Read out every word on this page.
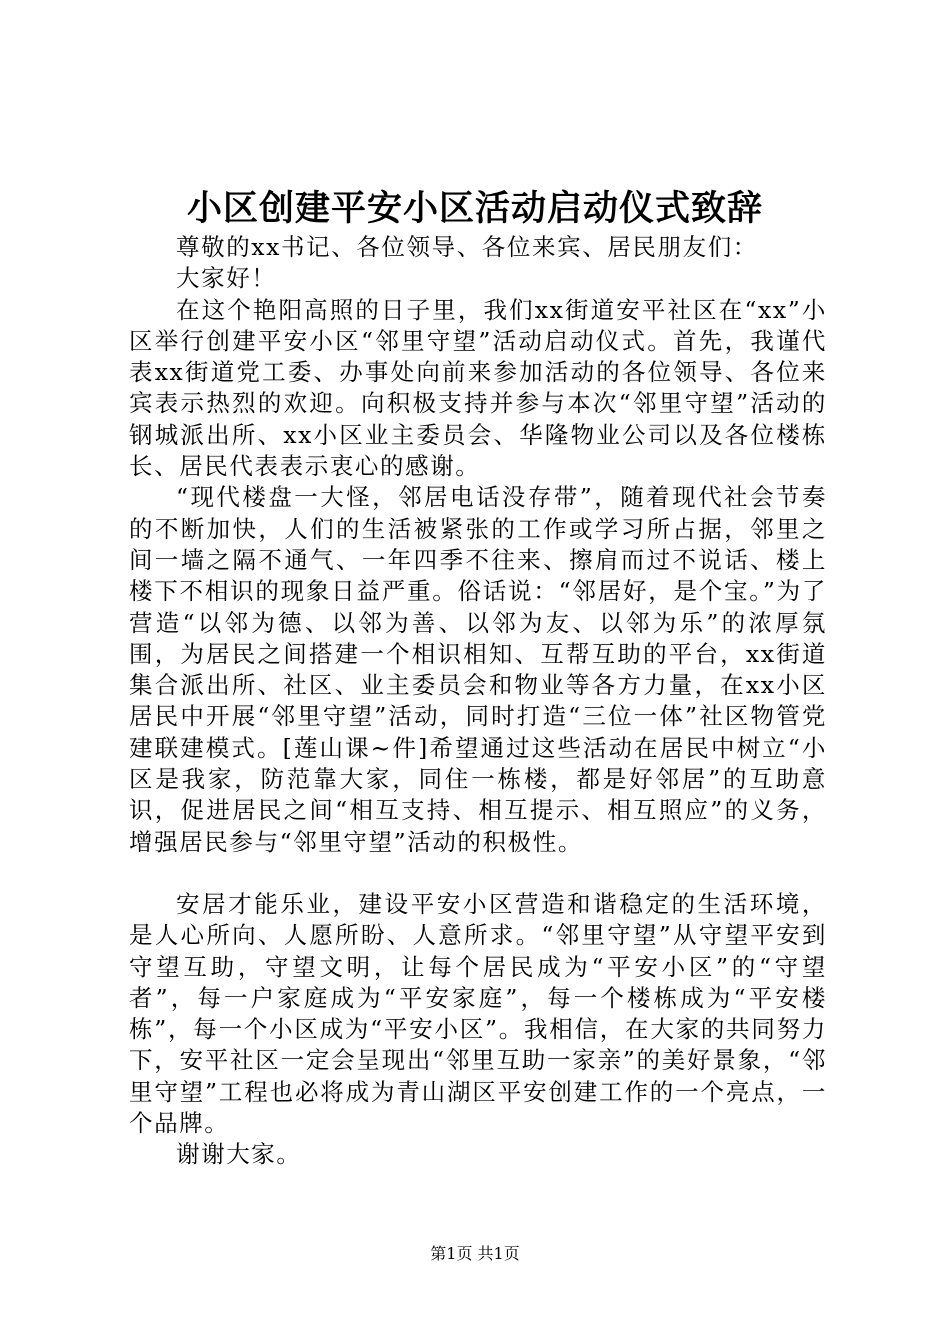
小区创建平安小区活动启动仪式致辞

尊敬的xx书记、各位领导、各位来宾、居民朋友们：

大家好！

在这个艳阳高照的日子里，我们xx街道安平社区在“xx”小区举行创建平安小区“邻里守望”活动启动仪式。首先，我谨代表xx街道党工委、办事处向前来参加活动的各位领导、各位来宾表示热烈的欢迎。向积极支持并参与本次“邻里守望”活动的钢城派出所、xx小区业主委员会、华隆物业公司以及各位楼栋长、居民代表表示衷心的感谢。

“现代楼盘一大怪，邻居电话没存带”，随着现代社会节奏的不断加快，人们的生活被紧张的工作或学习所占据，邻里之间一墙之隔不通气、一年四季不往来、擦肩而过不说话、楼上楼下不相识的现象日益严重。俗话说：“邻居好，是个宝。”为了营造“以邻为德、以邻为善、以邻为友、以邻为乐”的浓厚氛围，为居民之间搭建一个相识相知、互帮互助的平台，xx街道集合派出所、社区、业主委员会和物业等各方力量，在xx小区居民中开展“邻里守望”活动，同时打造“三位一体”社区物管党建联建模式。[莲山课~件]希望通过这些活动在居民中树立“小区是我家，防范靠大家，同住一栋楼，都是好邻居”的互助意识，促进居民之间“相互支持、相互提示、相互照应”的义务，增强居民参与“邻里守望”活动的积极性。

安居才能乐业，建设平安小区营造和谐稳定的生活环境，是人心所向、人愿所盼、人意所求。“邻里守望”从守望平安到守望互助，守望文明，让每个居民成为“平安小区”的“守望者”，每一户家庭成为“平安家庭”，每一个楼栋成为“平安楼栋”，每一个小区成为“平安小区”。我相信，在大家的共同努力下，安平社区一定会呈现出“邻里互助一家亲”的美好景象，“邻里守望”工程也必将成为青山湖区平安创建工作的一个亮点，一个品牌。

谢谢大家。

第1页 共1页
